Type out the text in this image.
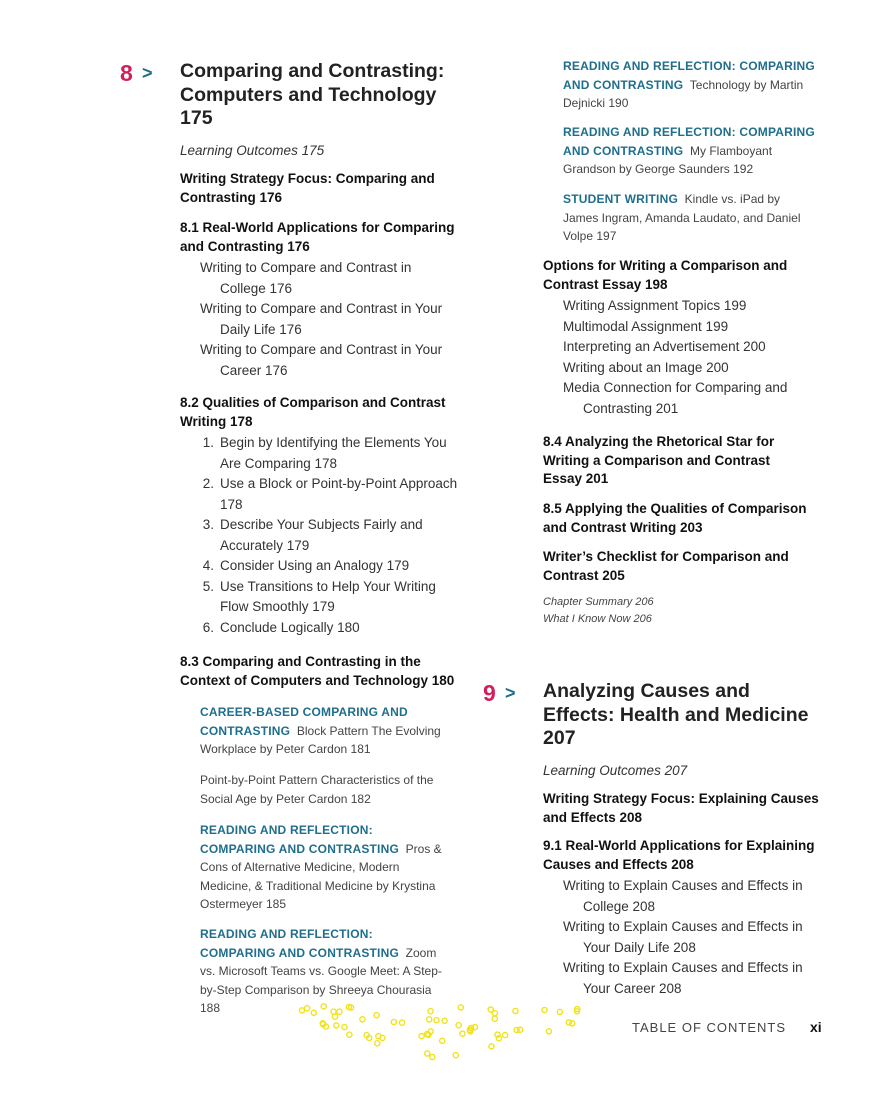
8 > Comparing and Contrasting: Computers and Technology 175
Learning Outcomes 175
Writing Strategy Focus: Comparing and Contrasting 176
8.1 Real-World Applications for Comparing and Contrasting 176
Writing to Compare and Contrast in College 176
Writing to Compare and Contrast in Your Daily Life 176
Writing to Compare and Contrast in Your Career 176
8.2 Qualities of Comparison and Contrast Writing 178
1. Begin by Identifying the Elements You Are Comparing 178
2. Use a Block or Point-by-Point Approach 178
3. Describe Your Subjects Fairly and Accurately 179
4. Consider Using an Analogy 179
5. Use Transitions to Help Your Writing Flow Smoothly 179
6. Conclude Logically 180
8.3 Comparing and Contrasting in the Context of Computers and Technology 180
CAREER-BASED COMPARING AND CONTRASTING Block Pattern The Evolving Workplace by Peter Cardon 181
Point-by-Point Pattern Characteristics of the Social Age by Peter Cardon 182
READING AND REFLECTION: COMPARING AND CONTRASTING Pros & Cons of Alternative Medicine, Modern Medicine, & Traditional Medicine by Krystina Ostermeyer 185
READING AND REFLECTION: COMPARING AND CONTRASTING Zoom vs. Microsoft Teams vs. Google Meet: A Step-by-Step Comparison by Shreeya Chourasia 188
READING AND REFLECTION: COMPARING AND CONTRASTING Technology by Martin Dejnicki 190
READING AND REFLECTION: COMPARING AND CONTRASTING My Flamboyant Grandson by George Saunders 192
STUDENT WRITING Kindle vs. iPad by James Ingram, Amanda Laudato, and Daniel Volpe 197
Options for Writing a Comparison and Contrast Essay 198
Writing Assignment Topics 199
Multimodal Assignment 199
Interpreting an Advertisement 200
Writing about an Image 200
Media Connection for Comparing and Contrasting 201
8.4 Analyzing the Rhetorical Star for Writing a Comparison and Contrast Essay 201
8.5 Applying the Qualities of Comparison and Contrast Writing 203
Writer’s Checklist for Comparison and Contrast 205
Chapter Summary 206
What I Know Now 206
9 > Analyzing Causes and Effects: Health and Medicine 207
Learning Outcomes 207
Writing Strategy Focus: Explaining Causes and Effects 208
9.1 Real-World Applications for Explaining Causes and Effects 208
Writing to Explain Causes and Effects in College 208
Writing to Explain Causes and Effects in Your Daily Life 208
Writing to Explain Causes and Effects in Your Career 208
TABLE OF CONTENTS xi
